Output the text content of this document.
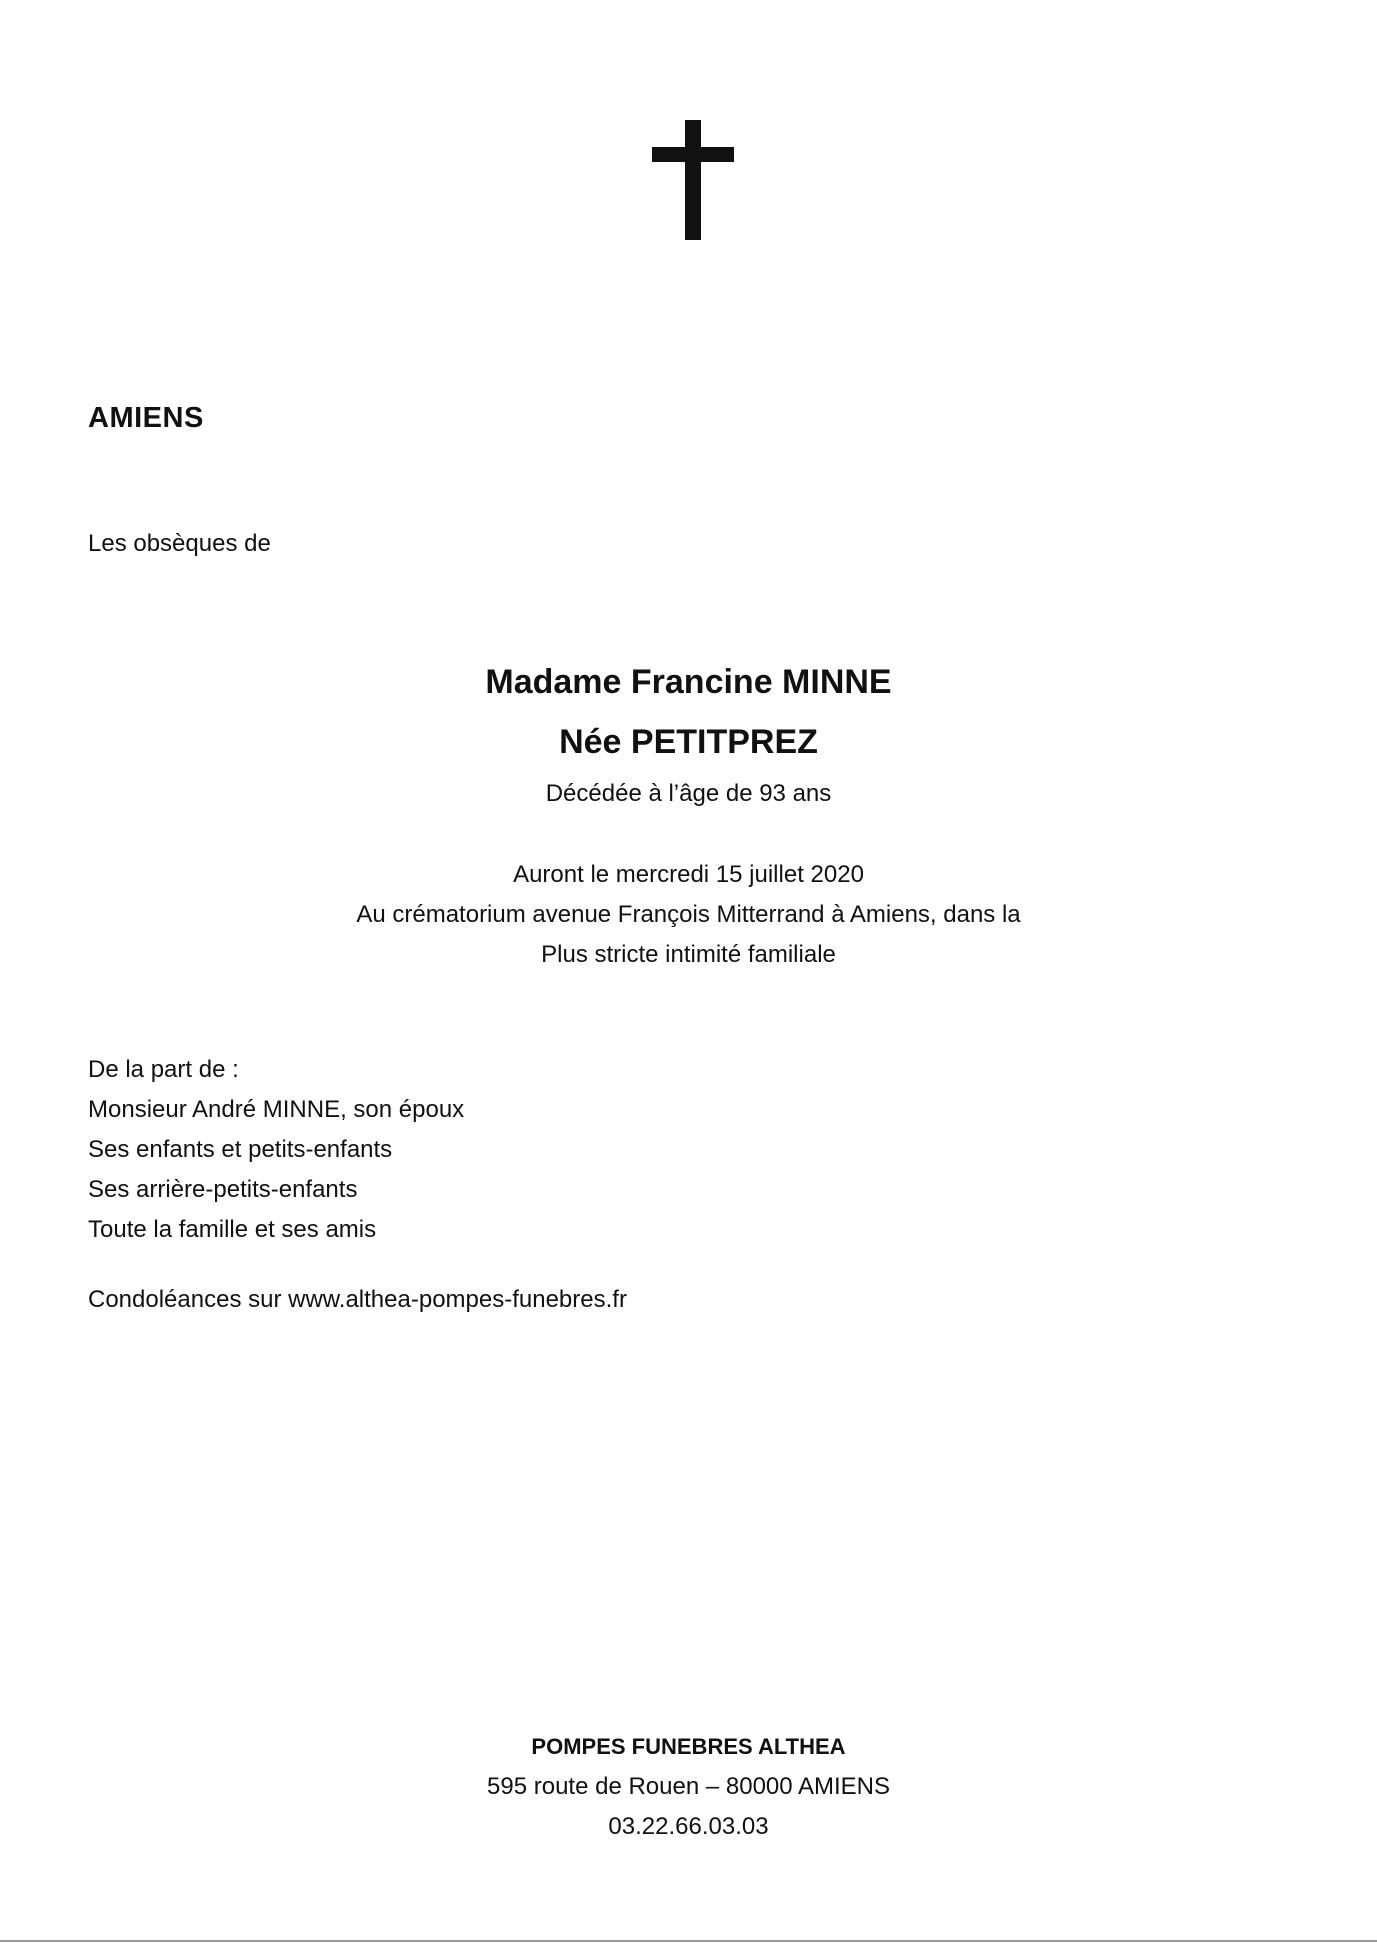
AMIENS
Les obsèques de
Madame Francine MINNE
Née PETITPREZ
Décédée à l’âge de 93 ans
Auront le mercredi 15 juillet 2020
Au crématorium avenue François Mitterrand à Amiens, dans la
Plus stricte intimité familiale
De la part de :
Monsieur André MINNE, son époux
Ses enfants et petits-enfants
Ses arrière-petits-enfants
Toute la famille et ses amis
Condoléances sur www.althea-pompes-funebres.fr
POMPES FUNEBRES ALTHEA
595 route de Rouen – 80000 AMIENS
03.22.66.03.03
